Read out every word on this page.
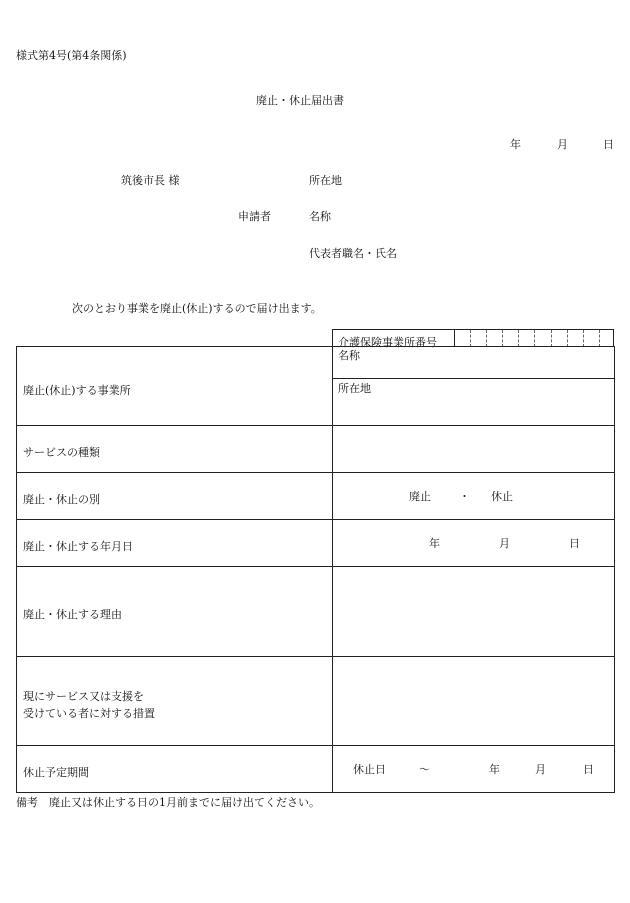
様式第4号(第4条関係)
廃止・休止届出書
年	月	日
筑後市長 様	所在地
申請者	名称
代表者職名・氏名
次のとおり事業を廃止(休止)するので届け出ます。
介護保険事業所番号
廃止(休止)する事業所	名称
所在地

サービスの種類	

廃止・休止の別	廃止 ・ 休止

廃止・休止する年月日	年 月 日

廃止・休止する理由	

現にサービス又は支援を
受けている者に対する措置	

休止予定期間	休止日 ～ 年 月 日
備考　廃止又は休止する日の1月前までに届け出てください。
